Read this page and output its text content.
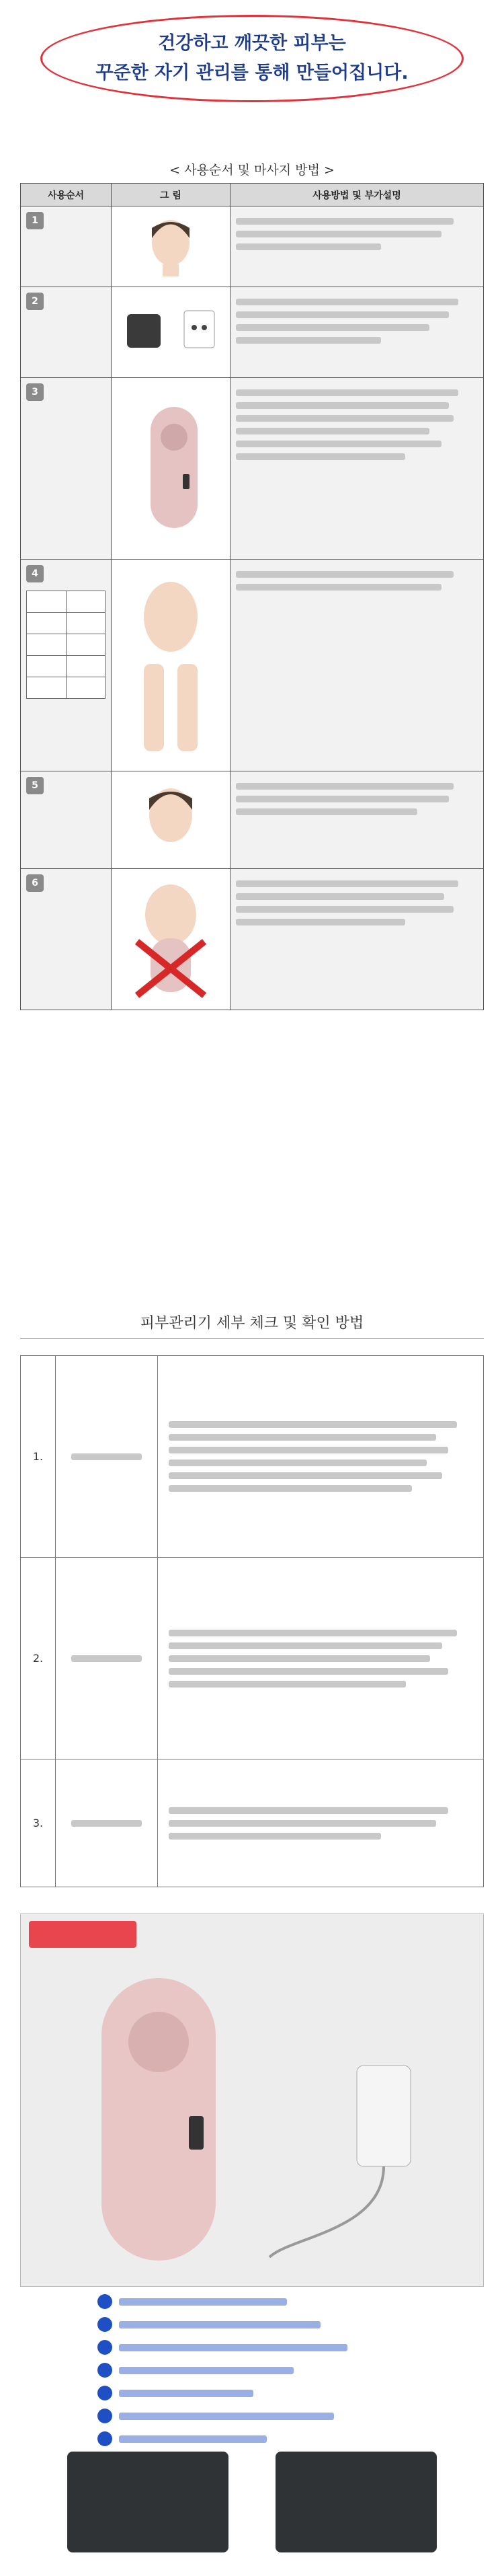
건강하고 깨끗한 피부는
꾸준한 자기 관리를 통해 만들어집니다.
< 사용순서 및 마사지 방법 >
사용순서	그 림	사용방법 및 부가설명
1		

2		

3		

4

5		

6		
피부관리기 세부 체크 및 확인 방법
1.	

2.	

3.	
